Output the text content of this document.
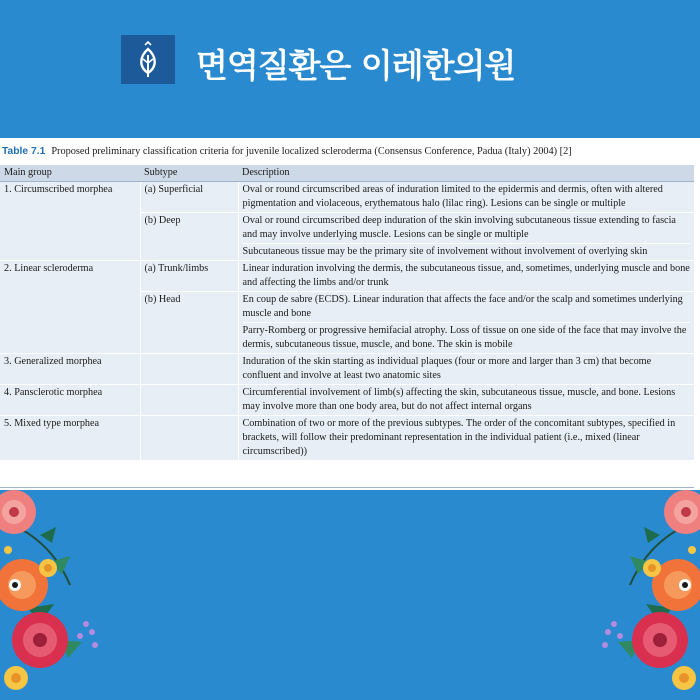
면역질환은 이레한의원
Table 7.1 Proposed preliminary classification criteria for juvenile localized scleroderma (Consensus Conference, Padua (Italy) 2004) [2]
Main group	Subtype	Description
1. Circumscribed morphea	(a) Superficial	Oval or round circumscribed areas of induration limited to the epidermis and dermis, often with altered pigmentation and violaceous, erythematous halo (lilac ring). Lesions can be single or multiple
	(b) Deep	Oval or round circumscribed deep induration of the skin involving subcutaneous tissue extending to fascia and may involve underlying muscle. Lesions can be single or multiple
Subcutaneous tissue may be the primary site of involvement without involvement of overlying skin

2. Linear scleroderma	(a) Trunk/limbs	Linear induration involving the dermis, the subcutaneous tissue, and, sometimes, underlying muscle and bone and affecting the limbs and/or trunk
	(b) Head	En coup de sabre (ECDS). Linear induration that affects the face and/or the scalp and sometimes underlying muscle and bone
Parry-Romberg or progressive hemifacial atrophy. Loss of tissue on one side of the face that may involve the dermis, subcutaneous tissue, muscle, and bone. The skin is mobile

3. Generalized morphea		Induration of the skin starting as individual plaques (four or more and larger than 3 cm) that become confluent and involve at least two anatomic sites
4. Pansclerotic morphea		Circumferential involvement of limb(s) affecting the skin, subcutaneous tissue, muscle, and bone. Lesions may involve more than one body area, but do not affect internal organs
5. Mixed type morphea		Combination of two or more of the previous subtypes. The order of the concomitant subtypes, specified in brackets, will follow their predominant representation in the individual patient (i.e., mixed (linear circumscribed))
